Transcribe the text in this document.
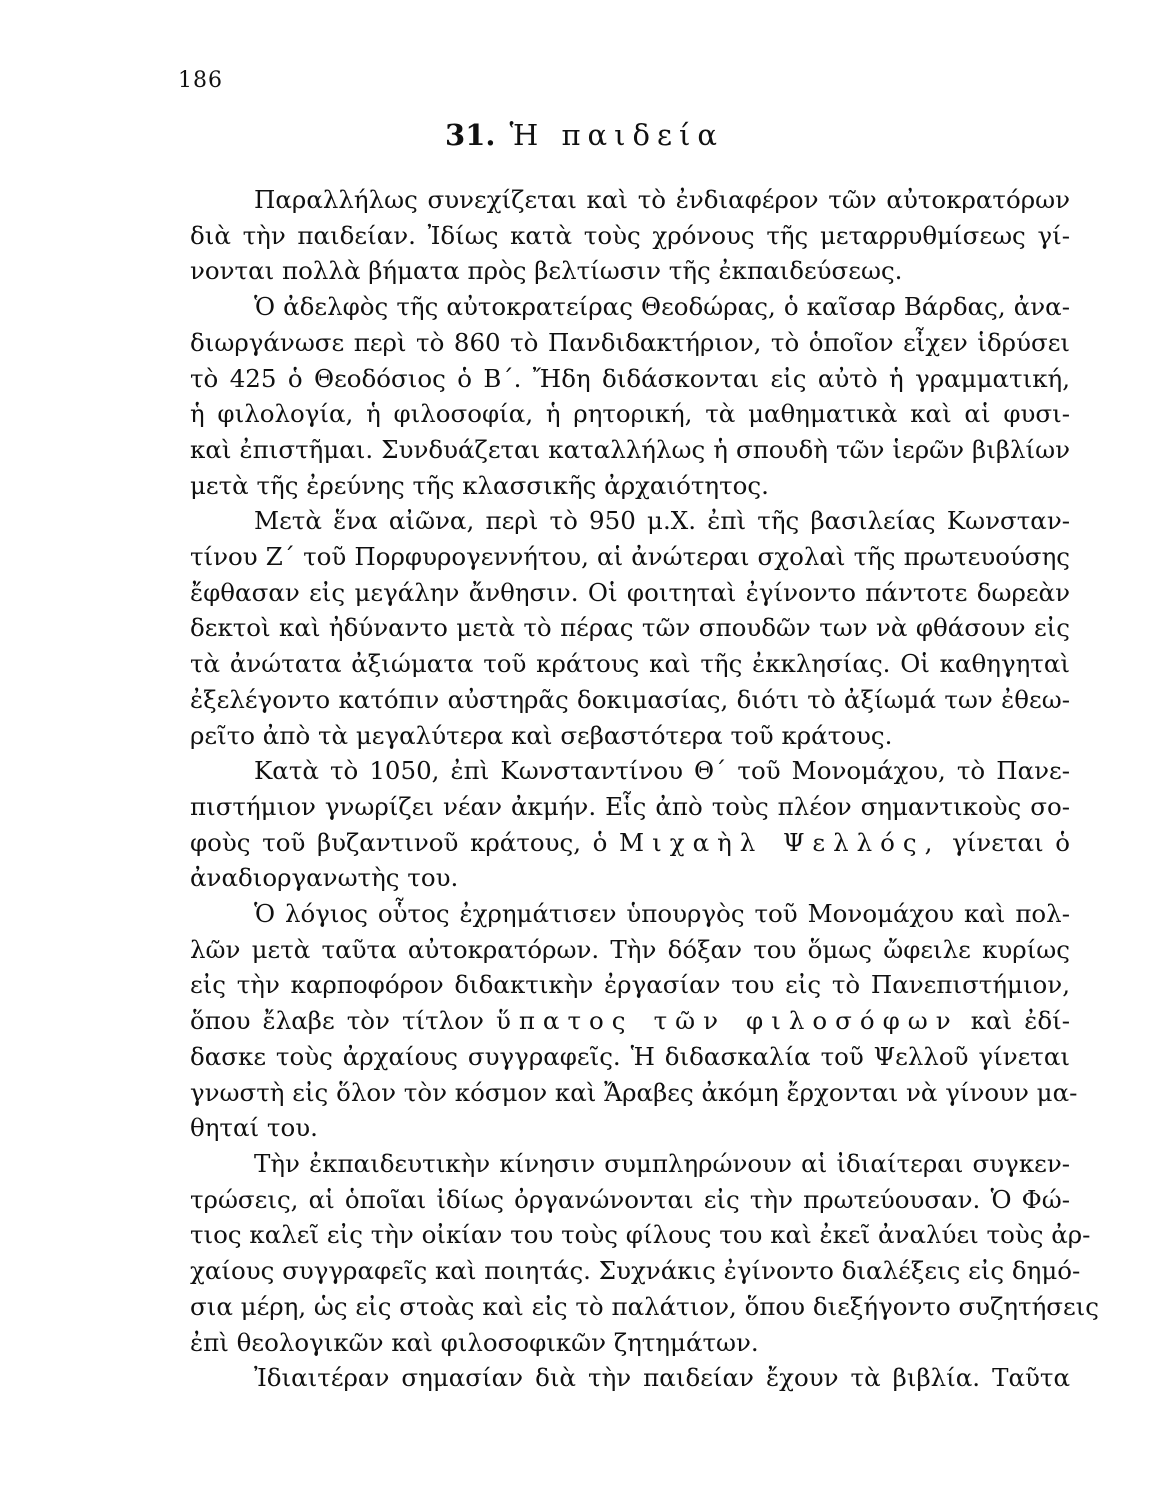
186
31. Ἡ παιδεία
Παραλλήλως συνεχίζεται καὶ τὸ ἐνδιαφέρον τῶν αὐτοκρατόρων
διὰ τὴν παιδείαν. Ἰδίως κατὰ τοὺς χρόνους τῆς μεταρρυθμίσεως γί-
νονται πολλὰ βήματα πρὸς βελτίωσιν τῆς ἐκπαιδεύσεως.
Ὁ ἀδελφὸς τῆς αὐτοκρατείρας Θεοδώρας, ὁ καῖσαρ Βάρδας, ἀνα-
διωργάνωσε περὶ τὸ 860 τὸ Πανδιδακτήριον, τὸ ὁποῖον εἶχεν ἱδρύσει
τὸ 425 ὁ Θεοδόσιος ὁ Β΄. Ἤδη διδάσκονται εἰς αὐτὸ ἡ γραμματική,
ἡ φιλολογία, ἡ φιλοσοφία, ἡ ρητορική, τὰ μαθηματικὰ καὶ αἱ φυσι-
καὶ ἐπιστῆμαι. Συνδυάζεται καταλλήλως ἡ σπουδὴ τῶν ἱερῶν βιβλίων
μετὰ τῆς ἐρεύνης τῆς κλασσικῆς ἀρχαιότητος.
Μετὰ ἕνα αἰῶνα, περὶ τὸ 950 μ.Χ. ἐπὶ τῆς βασιλείας Κωνσταν-
τίνου Ζ΄ τοῦ Πορφυρογεννήτου, αἱ ἀνώτεραι σχολαὶ τῆς πρωτευούσης
ἔφθασαν εἰς μεγάλην ἄνθησιν. Οἱ φοιτηταὶ ἐγίνοντο πάντοτε δωρεὰν
δεκτοὶ καὶ ἠδύναντο μετὰ τὸ πέρας τῶν σπουδῶν των νὰ φθάσουν εἰς
τὰ ἀνώτατα ἀξιώματα τοῦ κράτους καὶ τῆς ἐκκλησίας. Οἱ καθηγηταὶ
ἐξελέγοντο κατόπιν αὐστηρᾶς δοκιμασίας, διότι τὸ ἀξίωμά των ἐθεω-
ρεῖτο ἀπὸ τὰ μεγαλύτερα καὶ σεβαστότερα τοῦ κράτους.
Κατὰ τὸ 1050, ἐπὶ Κωνσταντίνου Θ΄ τοῦ Μονομάχου, τὸ Πανε-
πιστήμιον γνωρίζει νέαν ἀκμήν. Εἷς ἀπὸ τοὺς πλέον σημαντικοὺς σο-
φοὺς τοῦ βυζαντινοῦ κράτους, ὁ Μιχαὴλ Ψελλός, γίνεται ὁ
ἀναδιοργανωτὴς του.
Ὁ λόγιος οὗτος ἐχρημάτισεν ὑπουργὸς τοῦ Μονομάχου καὶ πολ-
λῶν μετὰ ταῦτα αὐτοκρατόρων. Τὴν δόξαν του ὅμως ὤφειλε κυρίως
εἰς τὴν καρποφόρον διδακτικὴν ἐργασίαν του εἰς τὸ Πανεπιστήμιον,
ὅπου ἔλαβε τὸν τίτλον ὕπατος τῶν φιλοσόφων καὶ ἐδί-
δασκε τοὺς ἀρχαίους συγγραφεῖς. Ἡ διδασκαλία τοῦ Ψελλοῦ γίνεται
γνωστὴ εἰς ὅλον τὸν κόσμον καὶ Ἄραβες ἀκόμη ἔρχονται νὰ γίνουν μα-
θηταί του.
Τὴν ἐκπαιδευτικὴν κίνησιν συμπληρώνουν αἱ ἰδιαίτεραι συγκεν-
τρώσεις, αἱ ὁποῖαι ἰδίως ὀργανώνονται εἰς τὴν πρωτεύουσαν. Ὁ Φώ-
τιος καλεῖ εἰς τὴν οἰκίαν του τοὺς φίλους του καὶ ἐκεῖ ἀναλύει τοὺς ἀρ-
χαίους συγγραφεῖς καὶ ποιητάς. Συχνάκις ἐγίνοντο διαλέξεις εἰς δημό-
σια μέρη, ὡς εἰς στοὰς καὶ εἰς τὸ παλάτιον, ὅπου διεξήγοντο συζητήσεις
ἐπὶ θεολογικῶν καὶ φιλοσοφικῶν ζητημάτων.
Ἰδιαιτέραν σημασίαν διὰ τὴν παιδείαν ἔχουν τὰ βιβλία. Ταῦτα
